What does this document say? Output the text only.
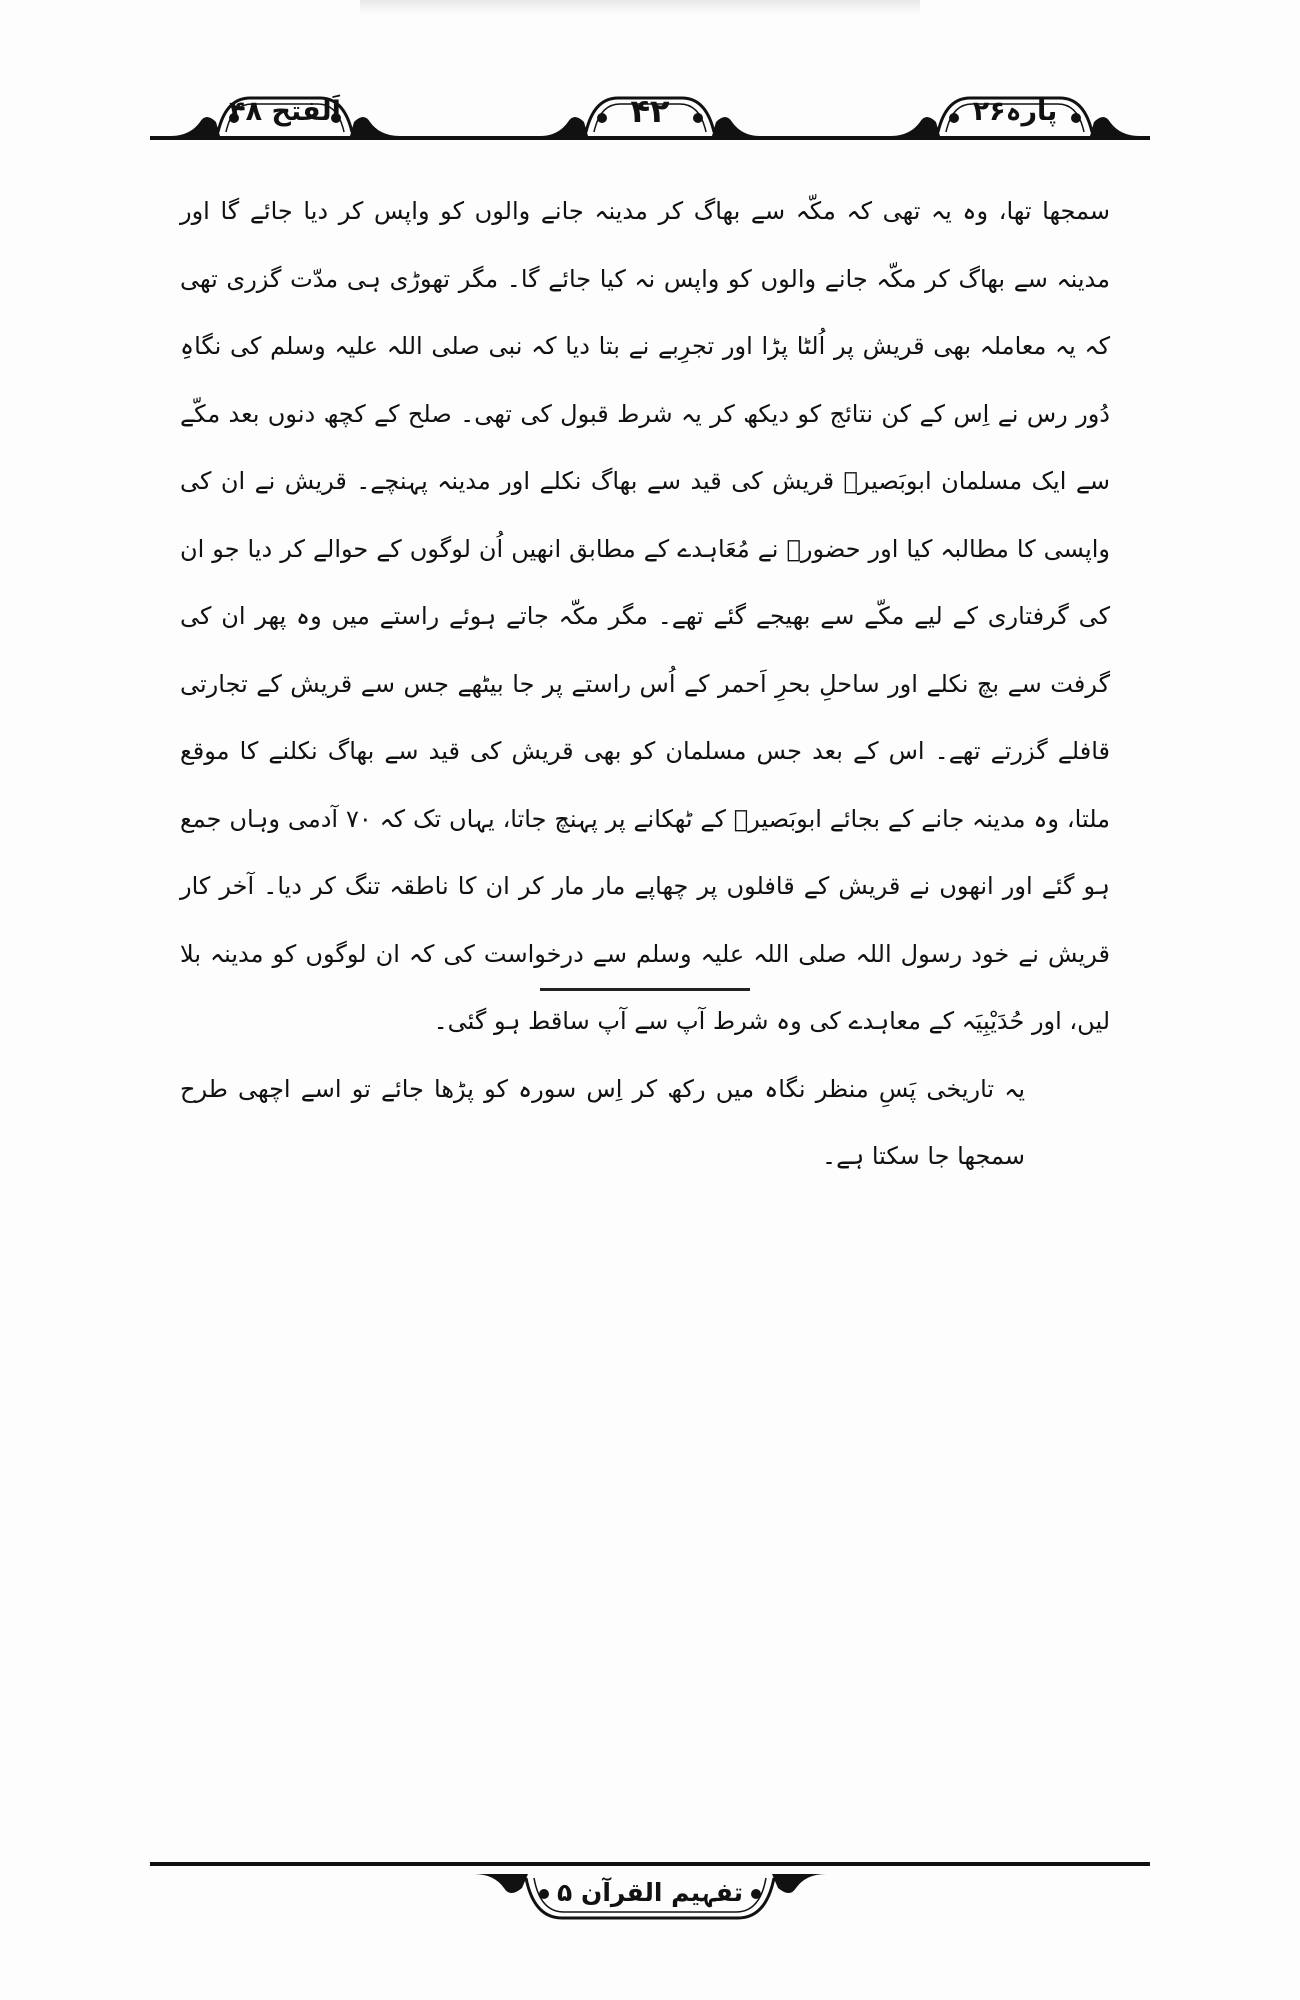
اَلفتح ۴۸	۴۲	پارہ۲۶

سمجھا تھا، وہ یہ تھی کہ مکّہ سے بھاگ کر مدینہ جانے والوں کو واپس کر دیا جائے گا اور مدینہ سے بھاگ کر مکّہ جانے والوں کو واپس نہ کیا جائے گا۔ مگر تھوڑی ہی مدّت گزری تھی کہ یہ معاملہ بھی قریش پر اُلٹا پڑا اور تجرِبے نے بتا دیا کہ نبی صلی اللہ علیہ وسلم کی نگاہِ دُور رس نے اِس کے کن نتائج کو دیکھ کر یہ شرط قبول کی تھی۔ صلح کے کچھ دنوں بعد مکّے سے ایک مسلمان ابوبَصیرؓ قریش کی قید سے بھاگ نکلے اور مدینہ پہنچے۔ قریش نے ان کی واپسی کا مطالبہ کیا اور حضورؐ نے مُعَاہدے کے مطابق انھیں اُن لوگوں کے حوالے کر دیا جو ان کی گرفتاری کے لیے مکّے سے بھیجے گئے تھے۔ مگر مکّہ جاتے ہوئے راستے میں وہ پھر ان کی گرفت سے بچ نکلے اور ساحلِ بحرِ اَحمر کے اُس راستے پر جا بیٹھے جس سے قریش کے تجارتی قافلے گزرتے تھے۔ اس کے بعد جس مسلمان کو بھی قریش کی قید سے بھاگ نکلنے کا موقع ملتا، وہ مدینہ جانے کے بجائے ابوبَصیرؓ کے ٹھکانے پر پہنچ جاتا، یہاں تک کہ ۷۰ آدمی وہاں جمع ہو گئے اور انھوں نے قریش کے قافلوں پر چھاپے مار مار کر ان کا ناطقہ تنگ کر دیا۔ آخر کار قریش نے خود رسول اللہ صلی اللہ علیہ وسلم سے درخواست کی کہ ان لوگوں کو مدینہ بلا لیں، اور حُدَیْبِیَہ کے معاہدے کی وہ شرط آپ سے آپ ساقط ہو گئی۔

یہ تاریخی پَسِ منظر نگاہ میں رکھ کر اِس سورہ کو پڑھا جائے تو اسے اچھی طرح سمجھا جا سکتا ہے۔

تفہیم القرآن ۵
